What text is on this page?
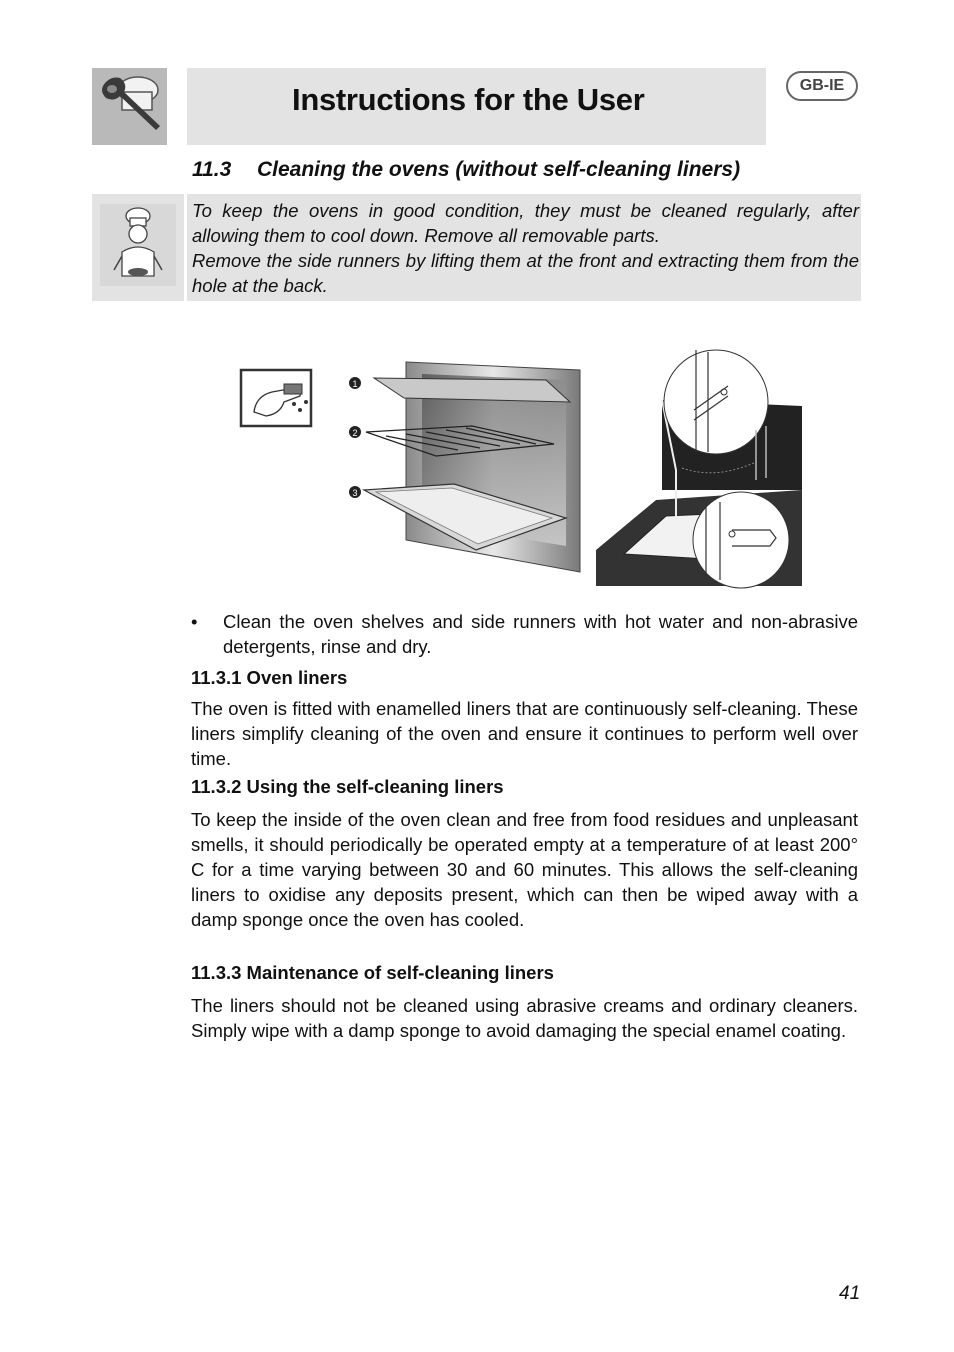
Instructions for the User	GB-IE
11.3 Cleaning the ovens (without self-cleaning liners)

To keep the ovens in good condition, they must be cleaned regularly, after allowing them to cool down. Remove all removable parts.

Remove the side runners by lifting them at the front and extracting them from the hole at the back.

1
2
3
• Clean the oven shelves and side runners with hot water and non-abrasive detergents, rinse and dry.
11.3.1 Oven liners
The oven is fitted with enamelled liners that are continuously self-cleaning. These liners simplify cleaning of the oven and ensure it continues to perform well over time.
11.3.2 Using the self-cleaning liners
To keep the inside of the oven clean and free from food residues and unpleasant smells, it should periodically be operated empty at a temperature of at least 200° C for a time varying between 30 and 60 minutes. This allows the self-cleaning liners to oxidise any deposits present, which can then be wiped away with a damp sponge once the oven has cooled.
11.3.3 Maintenance of self-cleaning liners
The liners should not be cleaned using abrasive creams and ordinary cleaners. Simply wipe with a damp sponge to avoid damaging the special enamel coating.
41
